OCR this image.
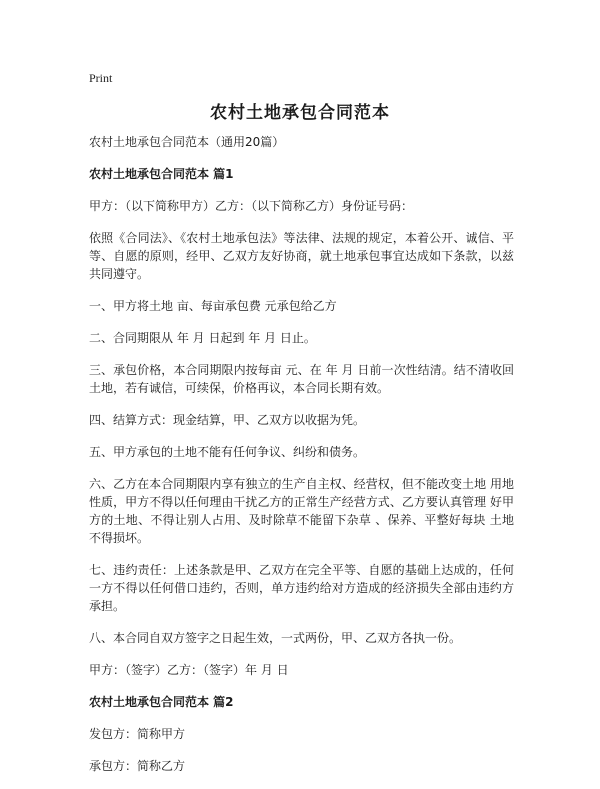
Print
农村土地承包合同范本

农村土地承包合同范本（通用20篇）

农村土地承包合同范本 篇1

甲方：（以下简称甲方）乙方：（以下简称乙方）身份证号码：

依照《合同法》、《农村土地承包法》等法律、法规的规定，本着公开、诚信、平等、自愿的原则，经甲、乙双方友好协商，就土地承包事宜达成如下条款，以兹共同遵守。

一、甲方将土地 亩、每亩承包费 元承包给乙方

二、合同期限从 年 月 日起到 年 月 日止。

三、承包价格，本合同期限内按每亩 元、在 年 月 日前一次性结清。结不清收回土地，若有诚信，可续保，价格再议，本合同长期有效。

四、结算方式：现金结算，甲、乙双方以收据为凭。

五、甲方承包的土地不能有任何争议、纠纷和债务。

六、乙方在本合同期限内享有独立的生产自主权、经营权，但不能改变土地 用地性质，甲方不得以任何理由干扰乙方的正常生产经营方式、乙方要认真管理 好甲方的土地、不得让别人占用、及时除草不能留下杂草 、保养、平整好每块 土地不得损坏。

七、违约责任：上述条款是甲、乙双方在完全平等、自愿的基础上达成的，任何一方不得以任何借口违约，否则，单方违约给对方造成的经济损失全部由违约方承担。

八、本合同自双方签字之日起生效，一式两份，甲、乙双方各执一份。

甲方：（签字）乙方：（签字）年 月 日

农村土地承包合同范本 篇2

发包方：简称甲方

承包方：简称乙方
